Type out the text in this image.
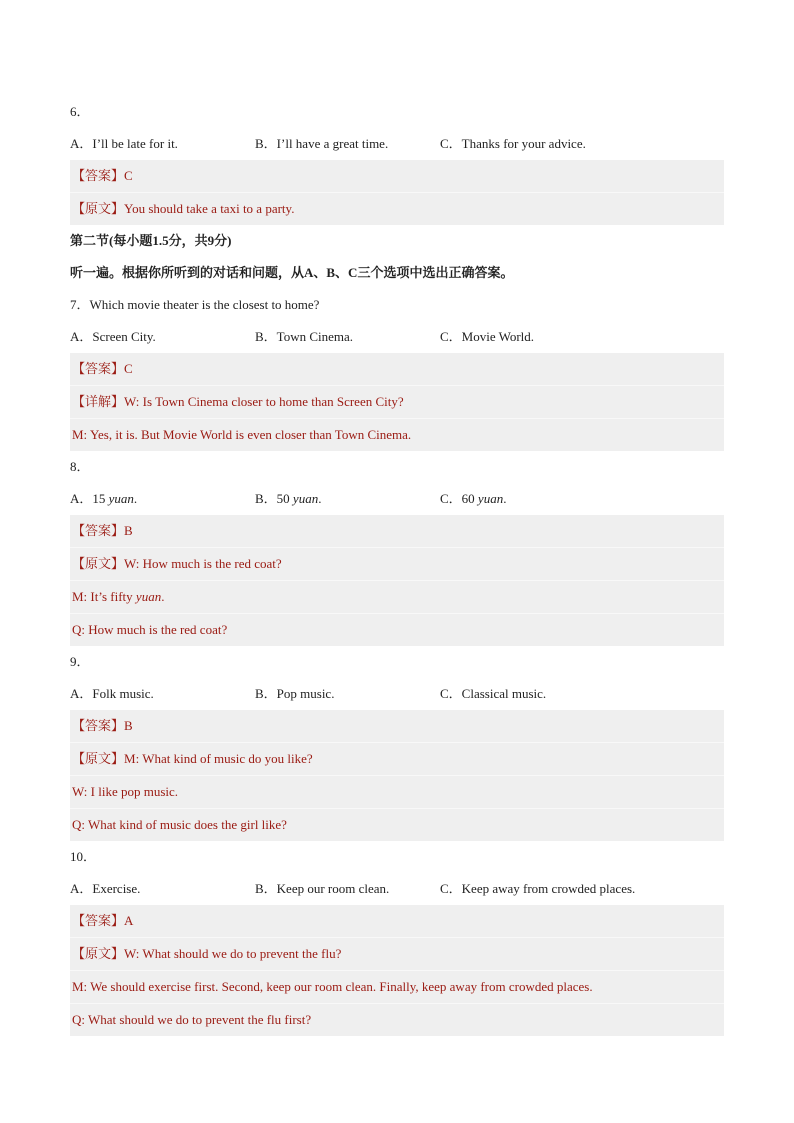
6．
A．I’ll be late for it.	B．I’ll have a great time.	C．Thanks for your advice.
【答案】C
【原文】You should take a taxi to a party.
第二节(每小题1.5分，共9分)
听一遍。根据你所听到的对话和问题，从A、B、C三个选项中选出正确答案。
7．Which movie theater is the closest to home?
A．Screen City.	B．Town Cinema.	C．Movie World.
【答案】C
【详解】W: Is Town Cinema closer to home than Screen City?
M: Yes, it is. But Movie World is even closer than Town Cinema.
8．
A．15 yuan.	B．50 yuan.	C．60 yuan.
【答案】B
【原文】W: How much is the red coat?
M: It’s fifty yuan.
Q: How much is the red coat?
9．
A．Folk music.	B．Pop music.	C．Classical music.
【答案】B
【原文】M: What kind of music do you like?
W: I like pop music.
Q: What kind of music does the girl like?
10．
A．Exercise.	B．Keep our room clean.	C．Keep away from crowded places.
【答案】A
【原文】W: What should we do to prevent the flu?
M: We should exercise first. Second, keep our room clean. Finally, keep away from crowded places.
Q: What should we do to prevent the flu first?
